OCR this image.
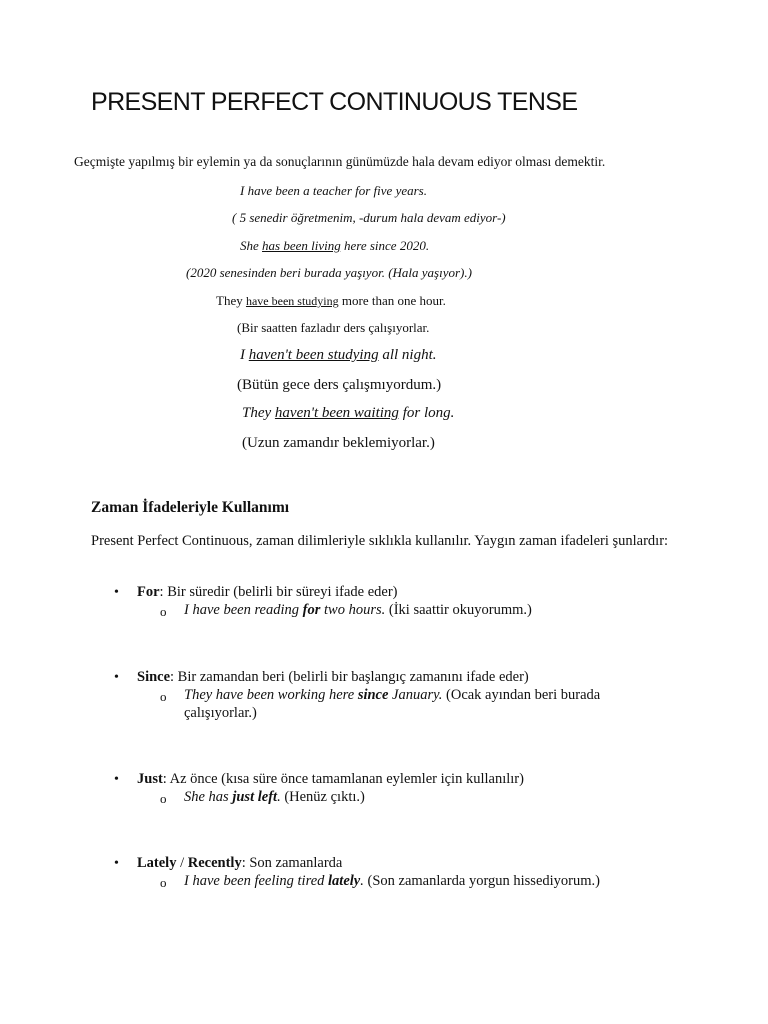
PRESENT PERFECT CONTINUOUS TENSE
Geçmişte yapılmış bir eylemin ya da sonuçlarının günümüzde hala devam ediyor olması demektir.
I have been a teacher for five years.
( 5 senedir öğretmenim, -durum hala devam ediyor-)
She has been living here since 2020.
(2020 senesinden beri burada yaşıyor. (Hala yaşıyor).)
They have been studying more than one hour.
(Bir saatten fazladır ders çalışıyorlar.
I haven't been studying all night.
(Bütün gece ders çalışmıyordum.)
They haven't been waiting for long.
(Uzun zamandır beklemiyorlar.)
Zaman İfadeleriyle Kullanımı

Present Perfect Continuous, zaman dilimleriyle sıklıkla kullanılır. Yaygın zaman ifadeleri şunlardır:

• For: Bir süredir (belirli bir süreyi ifade eder)
o I have been reading for two hours. (İki saattir okuyorumm.)
• Since: Bir zamandan beri (belirli bir başlangıç zamanını ifade eder)
o They have been working here since January. (Ocak ayından beri burada
çalışıyorlar.)
• Just: Az önce (kısa süre önce tamamlanan eylemler için kullanılır)
o She has just left. (Henüz çıktı.)
• Lately / Recently: Son zamanlarda
o I have been feeling tired lately. (Son zamanlarda yorgun hissediyorum.)
